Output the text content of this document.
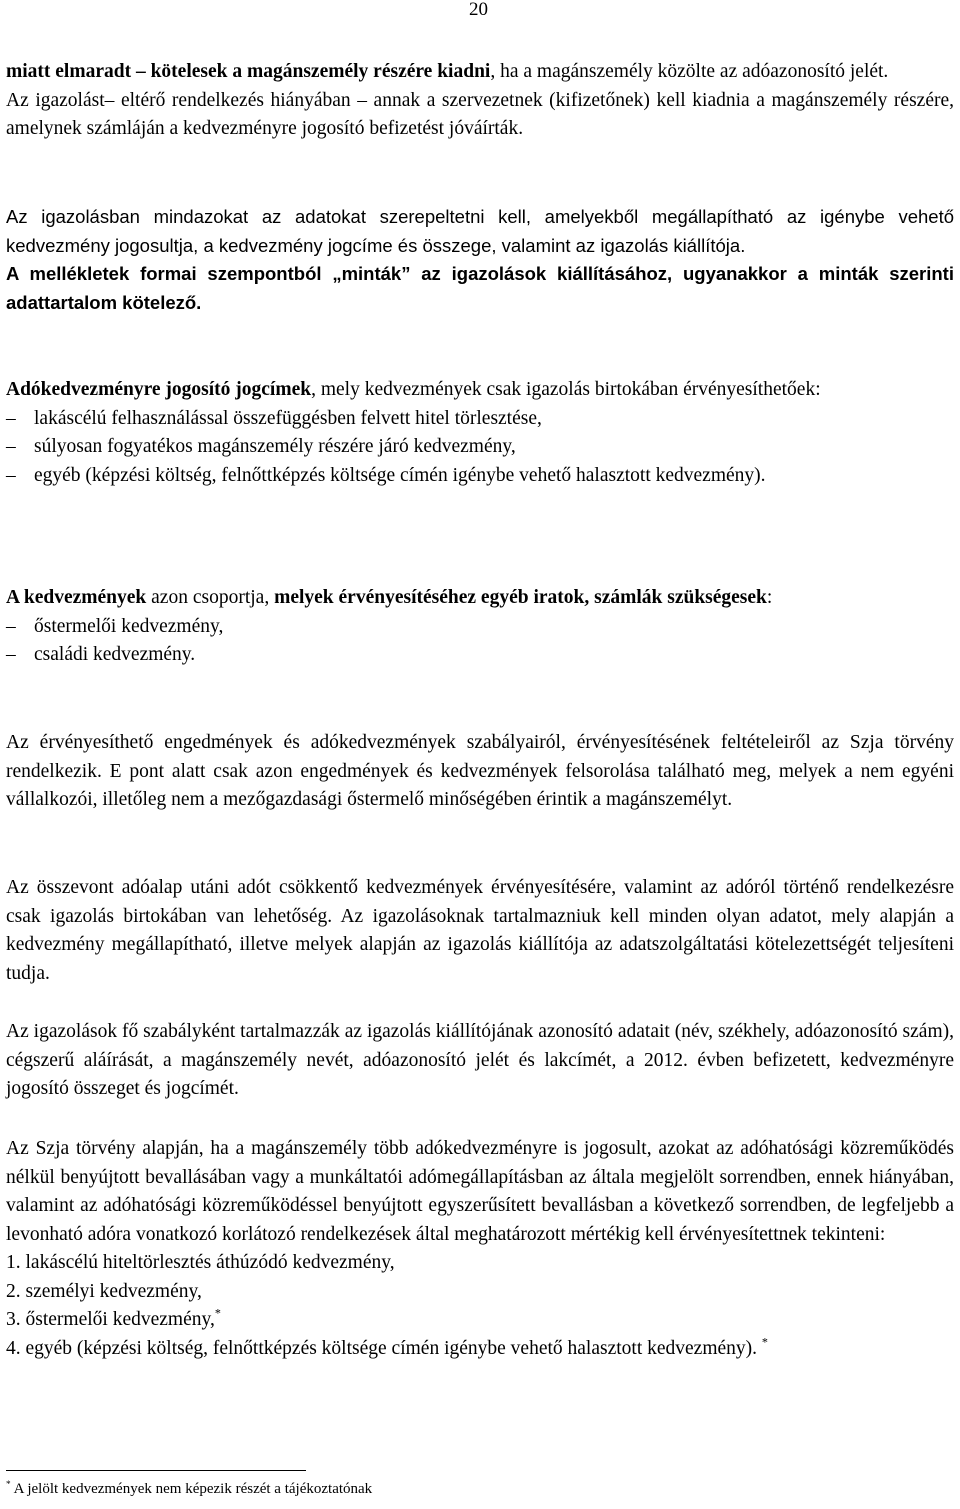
20

miatt elmaradt – kötelesek a magánszemély részére kiadni, ha a magánszemély közölte az adóazonosító jelét.

Az igazolást– eltérő rendelkezés hiányában – annak a szervezetnek (kifizetőnek) kell kiadnia a magánszemély részére, amelynek számláján a kedvezményre jogosító befizetést jóváírták.

Az igazolásban mindazokat az adatokat szerepeltetni kell, amelyekből megállapítható az igénybe vehető kedvezmény jogosultja, a kedvezmény jogcíme és összege, valamint az igazolás kiállítója.

A mellékletek formai szempontból „minták” az igazolások kiállításához, ugyanakkor a minták szerinti adattartalom kötelező.

Adókedvezményre jogosító jogcímek, mely kedvezmények csak igazolás birtokában érvényesíthetőek:

– lakáscélú felhasználással összefüggésben felvett hitel törlesztése,

– súlyosan fogyatékos magánszemély részére járó kedvezmény,

– egyéb (képzési költség, felnőttképzés költsége címén igénybe vehető halasztott kedvezmény).

A kedvezmények azon csoportja, melyek érvényesítéséhez egyéb iratok, számlák szükségesek:

– őstermelői kedvezmény,

– családi kedvezmény.

Az érvényesíthető engedmények és adókedvezmények szabályairól, érvényesítésének feltételeiről az Szja törvény rendelkezik. E pont alatt csak azon engedmények és kedvezmények felsorolása található meg, melyek a nem egyéni vállalkozói, illetőleg nem a mezőgazdasági őstermelő minőségében érintik a magánszemélyt.

Az összevont adóalap utáni adót csökkentő kedvezmények érvényesítésére, valamint az adóról történő rendelkezésre csak igazolás birtokában van lehetőség. Az igazolásoknak tartalmazniuk kell minden olyan adatot, mely alapján a kedvezmény megállapítható, illetve melyek alapján az igazolás kiállítója az adatszolgáltatási kötelezettségét teljesíteni tudja.

Az igazolások fő szabályként tartalmazzák az igazolás kiállítójának azonosító adatait (név, székhely, adóazonosító szám), cégszerű aláírását, a magánszemély nevét, adóazonosító jelét és lakcímét, a 2012. évben befizetett, kedvezményre jogosító összeget és jogcímét.

Az Szja törvény alapján, ha a magánszemély több adókedvezményre is jogosult, azokat az adóhatósági közreműködés nélkül benyújtott bevallásában vagy a munkáltatói adómegállapításban az általa megjelölt sorrendben, ennek hiányában, valamint az adóhatósági közreműködéssel benyújtott egyszerűsített bevallásban a következő sorrendben, de legfeljebb a levonható adóra vonatkozó korlátozó rendelkezések által meghatározott mértékig kell érvényesítettnek tekinteni:

1. lakáscélú hiteltörlesztés áthúzódó kedvezmény,

2. személyi kedvezmény,

3. őstermelői kedvezmény,*

4. egyéb (képzési költség, felnőttképzés költsége címén igénybe vehető halasztott kedvezmény). *

* A jelölt kedvezmények nem képezik részét a tájékoztatónak
